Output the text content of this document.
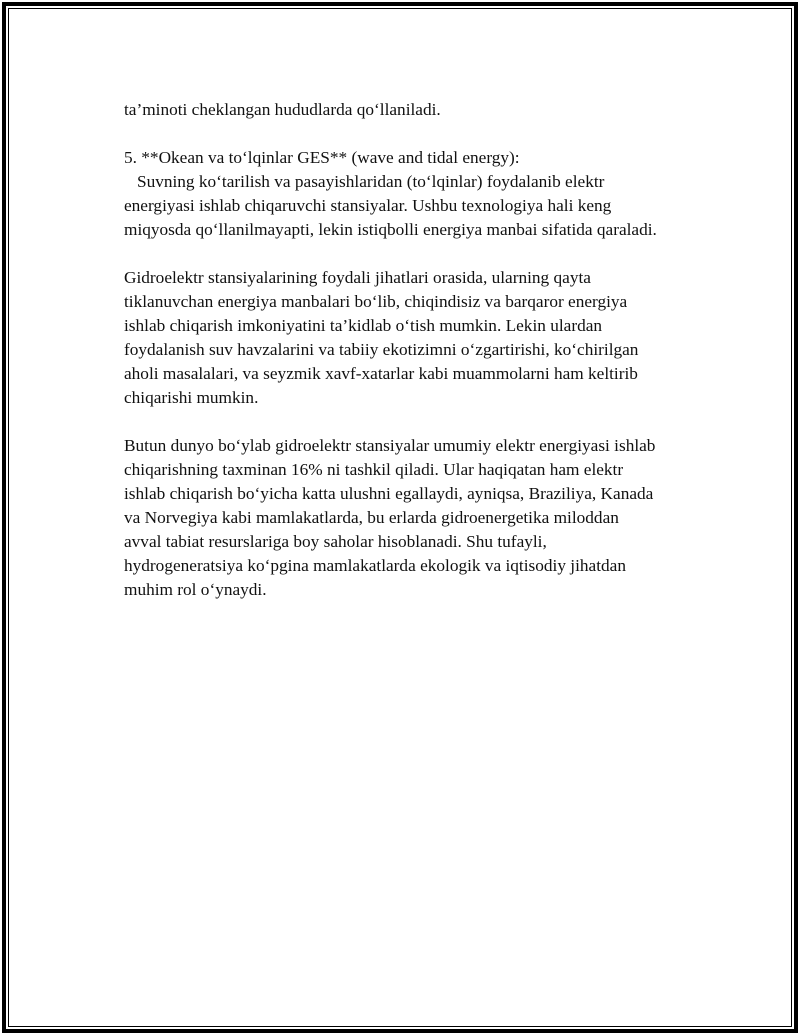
ta’minoti cheklangan hududlarda qo‘llaniladi.

5. **Okean va to‘lqinlar GES** (wave and tidal energy):

Suvning ko‘tarilish va pasayishlaridan (to‘lqinlar) foydalanib elektr

energiyasi ishlab chiqaruvchi stansiyalar. Ushbu texnologiya hali keng

miqyosda qo‘llanilmayapti, lekin istiqbolli energiya manbai sifatida qaraladi.

Gidroelektr stansiyalarining foydali jihatlari orasida, ularning qayta

tiklanuvchan energiya manbalari bo‘lib, chiqindisiz va barqaror energiya

ishlab chiqarish imkoniyatini ta’kidlab o‘tish mumkin. Lekin ulardan

foydalanish suv havzalarini va tabiiy ekotizimni o‘zgartirishi, ko‘chirilgan

aholi masalalari, va seyzmik xavf-xatarlar kabi muammolarni ham keltirib

chiqarishi mumkin.

Butun dunyo bo‘ylab gidroelektr stansiyalar umumiy elektr energiyasi ishlab

chiqarishning taxminan 16% ni tashkil qiladi. Ular haqiqatan ham elektr

ishlab chiqarish bo‘yicha katta ulushni egallaydi, ayniqsa, Braziliya, Kanada

va Norvegiya kabi mamlakatlarda, bu erlarda gidroenergetika miloddan

avval tabiat resurslariga boy saholar hisoblanadi. Shu tufayli,

hydrogeneratsiya ko‘pgina mamlakatlarda ekologik va iqtisodiy jihatdan

muhim rol o‘ynaydi.
